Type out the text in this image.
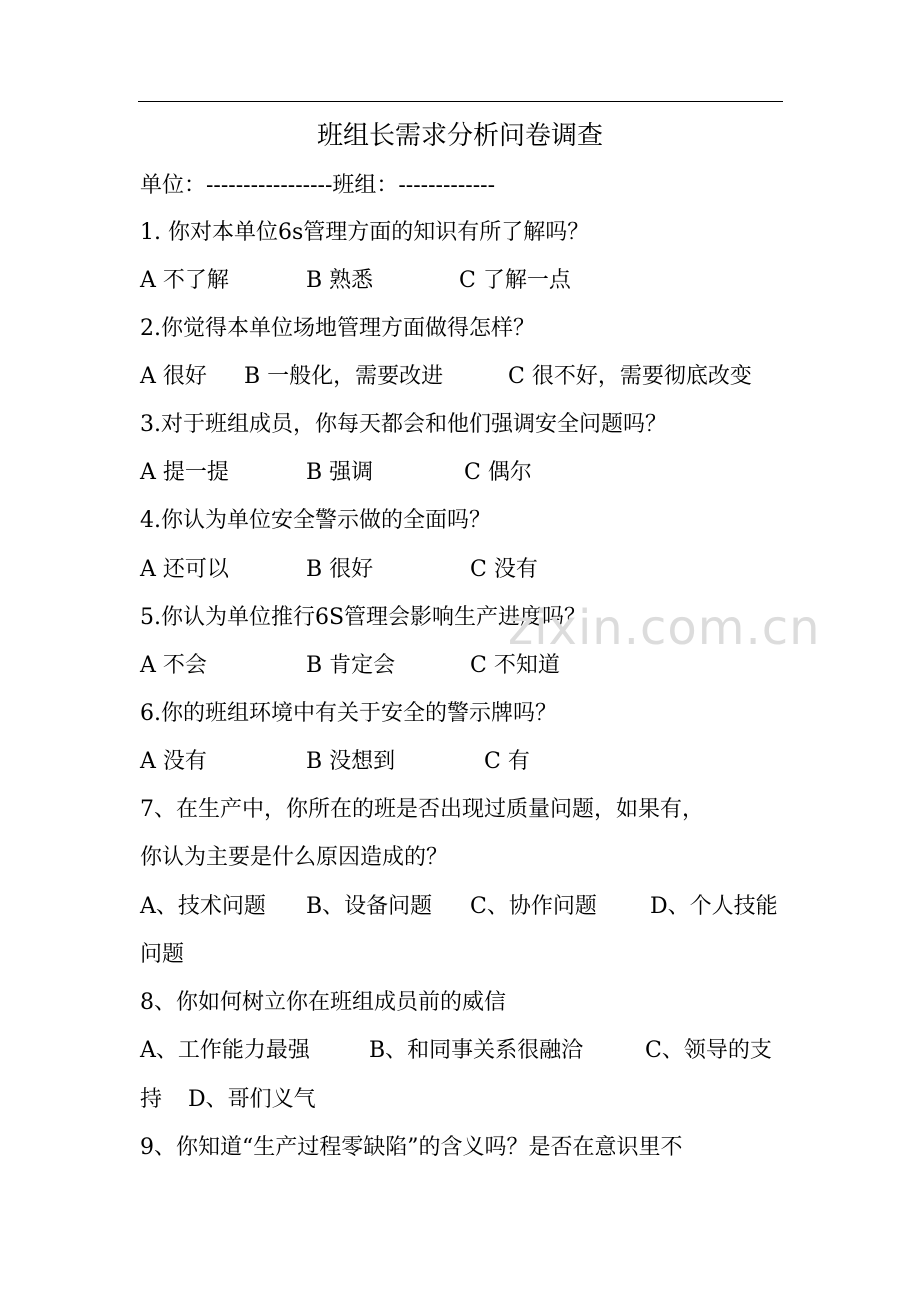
班组长需求分析问卷调查
单位：-----------------班组：-------------
1. 你对本单位6s管理方面的知识有所了解吗？
A 不了解	B 熟悉	C 了解一点
2.你觉得本单位场地管理方面做得怎样？
A 很好 B 一般化，需要改进	C 很不好，需要彻底改变
3.对于班组成员，你每天都会和他们强调安全问题吗？
A 提一提	B 强调	C 偶尔
4.你认为单位安全警示做的全面吗？
A 还可以	B 很好	C 没有
5.你认为单位推行6S管理会影响生产进度吗？
A 不会	B 肯定会	C 不知道
6.你的班组环境中有关于安全的警示牌吗？
A 没有	B 没想到	C 有
7、在生产中，你所在的班是否出现过质量问题，如果有，
你认为主要是什么原因造成的？
A、技术问题 B、设备问题 C、协作问题 D、个人技能
问题
8、你如何树立你在班组成员前的威信
A、工作能力最强	B、和同事关系很融洽	C、领导的支
持 D、哥们义气
9、你知道“生产过程零缺陷”的含义吗？是否在意识里不
zixin.com.cn
